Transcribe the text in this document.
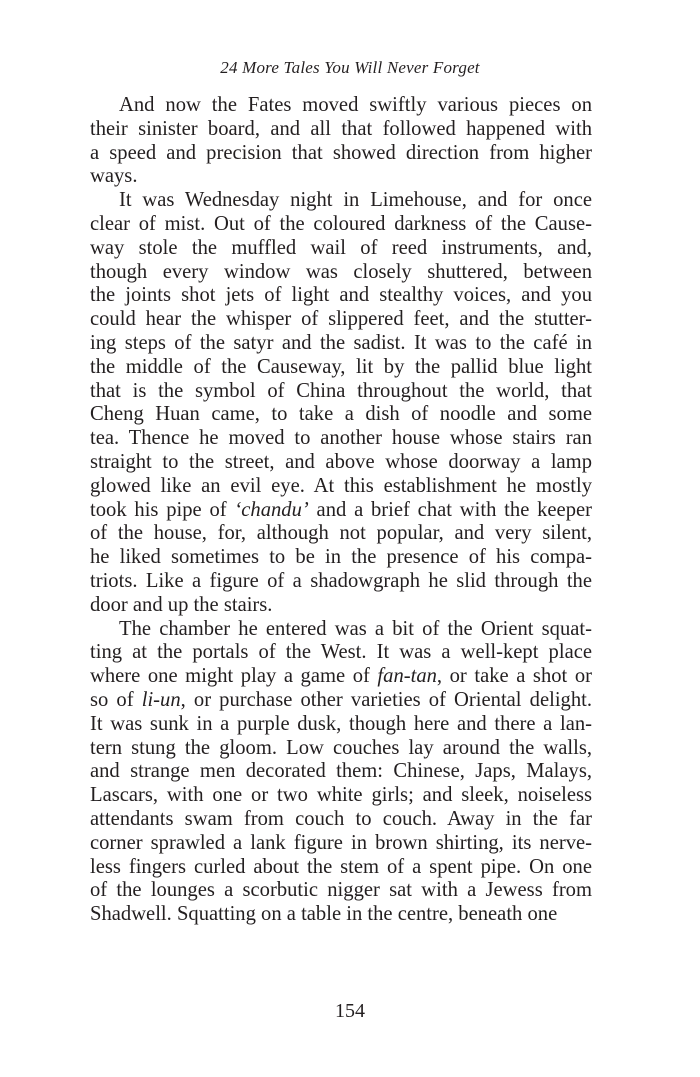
24 More Tales You Will Never Forget
And now the Fates moved swiftly various pieces on
their sinister board, and all that followed happened with
a speed and precision that showed direction from higher
ways.
It was Wednesday night in Limehouse, and for once
clear of mist. Out of the coloured darkness of the Cause-
way stole the muffled wail of reed instruments, and,
though every window was closely shuttered, between
the joints shot jets of light and stealthy voices, and you
could hear the whisper of slippered feet, and the stutter-
ing steps of the satyr and the sadist. It was to the café in
the middle of the Causeway, lit by the pallid blue light
that is the symbol of China throughout the world, that
Cheng Huan came, to take a dish of noodle and some
tea. Thence he moved to another house whose stairs ran
straight to the street, and above whose doorway a lamp
glowed like an evil eye. At this establishment he mostly
took his pipe of ‘chandu’ and a brief chat with the keeper
of the house, for, although not popular, and very silent,
he liked sometimes to be in the presence of his compa-
triots. Like a figure of a shadowgraph he slid through the
door and up the stairs.
The chamber he entered was a bit of the Orient squat-
ting at the portals of the West. It was a well-kept place
where one might play a game of fan-tan, or take a shot or
so of li-un, or purchase other varieties of Oriental delight.
It was sunk in a purple dusk, though here and there a lan-
tern stung the gloom. Low couches lay around the walls,
and strange men decorated them: Chinese, Japs, Malays,
Lascars, with one or two white girls; and sleek, noiseless
attendants swam from couch to couch. Away in the far
corner sprawled a lank figure in brown shirting, its nerve-
less fingers curled about the stem of a spent pipe. On one
of the lounges a scorbutic nigger sat with a Jewess from
Shadwell. Squatting on a table in the centre, beneath one
154
